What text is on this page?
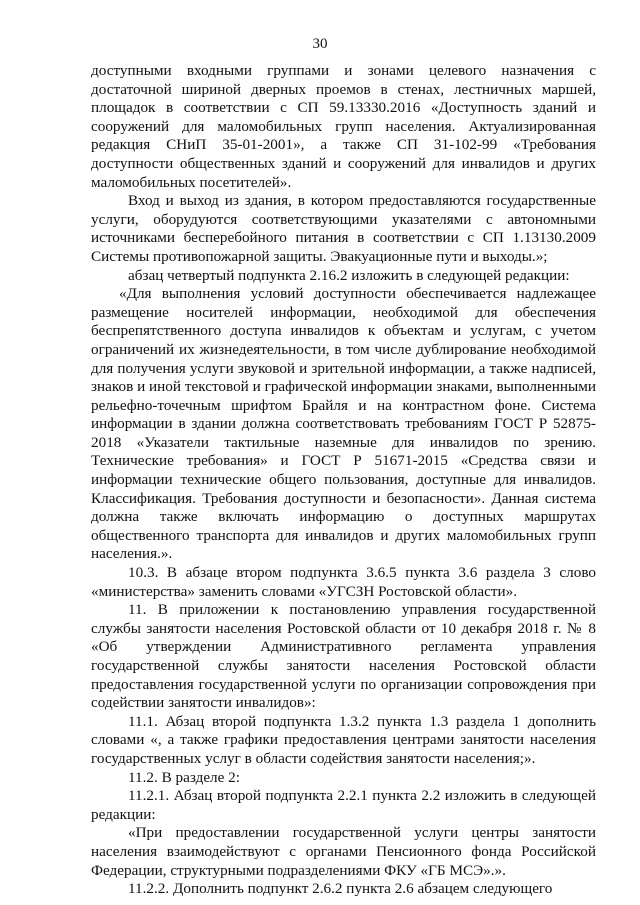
30

доступными входными группами и зонами целевого назначения с достаточной шириной дверных проемов в стенах, лестничных маршей, площадок в соответствии с СП 59.13330.2016 «Доступность зданий и сооружений для маломобильных групп населения. Актуализированная редакция СНиП 35-01-2001», а также СП 31-102-99 «Требования доступности общественных зданий и сооружений для инвалидов и других маломобильных посетителей».

Вход и выход из здания, в котором предоставляются государственные услуги, оборудуются соответствующими указателями с автономными источниками бесперебойного питания в соответствии с СП 1.13130.2009 Системы противопожарной защиты. Эвакуационные пути и выходы.»;

абзац четвертый подпункта 2.16.2 изложить в следующей редакции:

«Для выполнения условий доступности обеспечивается надлежащее размещение носителей информации, необходимой для обеспечения беспрепятственного доступа инвалидов к объектам и услугам, с учетом ограничений их жизнедеятельности, в том числе дублирование необходимой для получения услуги звуковой и зрительной информации, а также надписей, знаков и иной текстовой и графической информации знаками, выполненными рельефно-точечным шрифтом Брайля и на контрастном фоне. Система информации в здании должна соответствовать требованиям ГОСТ Р 52875-2018 «Указатели тактильные наземные для инвалидов по зрению. Технические требования» и ГОСТ Р 51671-2015 «Средства связи и информации технические общего пользования, доступные для инвалидов. Классификация. Требования доступности и безопасности». Данная система должна также включать информацию о доступных маршрутах общественного транспорта для инвалидов и других маломобильных групп населения.».

10.3. В абзаце втором подпункта 3.6.5 пункта 3.6 раздела 3 слово «министерства» заменить словами «УГСЗН Ростовской области».

11. В приложении к постановлению управления государственной службы занятости населения Ростовской области от 10 декабря 2018 г. № 8 «Об утверждении Административного регламента управления государственной службы занятости населения Ростовской области предоставления государственной услуги по организации сопровождения при содействии занятости инвалидов»:

11.1. Абзац второй подпункта 1.3.2 пункта 1.3 раздела 1 дополнить словами «, а также графики предоставления центрами занятости населения государственных услуг в области содействия занятости населения;».

11.2. В разделе 2:

11.2.1. Абзац второй подпункта 2.2.1 пункта 2.2 изложить в следующей редакции:

«При предоставлении государственной услуги центры занятости населения взаимодействуют с органами Пенсионного фонда Российской Федерации, структурными подразделениями ФКУ «ГБ МСЭ».».

11.2.2. Дополнить подпункт 2.6.2 пункта 2.6 абзацем следующего
